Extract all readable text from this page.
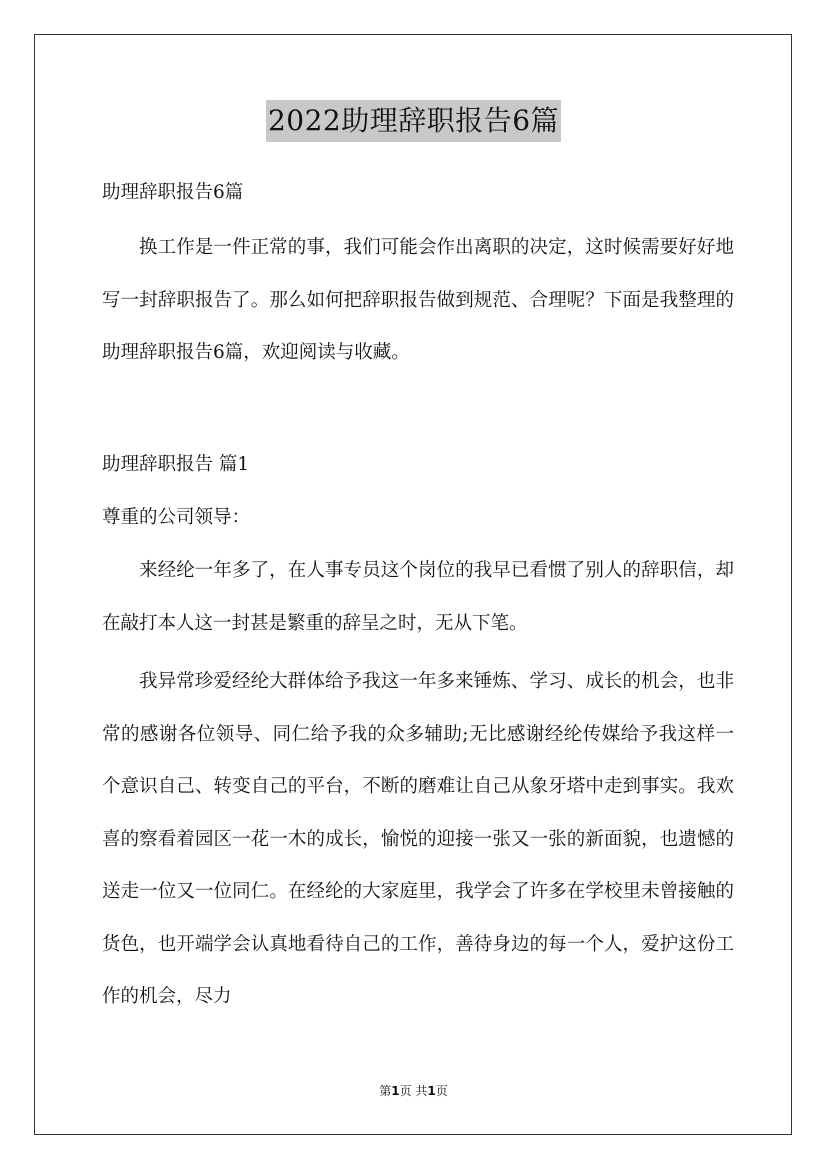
2022助理辞职报告6篇
助理辞职报告6篇
换工作是一件正常的事，我们可能会作出离职的决定，这时候需要好好地写一封辞职报告了。那么如何把辞职报告做到规范、合理呢？下面是我整理的助理辞职报告6篇，欢迎阅读与收藏。
助理辞职报告 篇1
尊重的公司领导：
来经纶一年多了，在人事专员这个岗位的我早已看惯了别人的辞职信，却在敲打本人这一封甚是繁重的辞呈之时，无从下笔。
我异常珍爱经纶大群体给予我这一年多来锤炼、学习、成长的机会，也非常的感谢各位领导、同仁给予我的众多辅助;无比感谢经纶传媒给予我这样一个意识自己、转变自己的平台，不断的磨难让自己从象牙塔中走到事实。我欢喜的察看着园区一花一木的成长，愉悦的迎接一张又一张的新面貌，也遗憾的送走一位又一位同仁。在经纶的大家庭里，我学会了许多在学校里未曾接触的货色，也开端学会认真地看待自己的工作，善待身边的每一个人，爱护这份工作的机会，尽力
第1页 共1页
